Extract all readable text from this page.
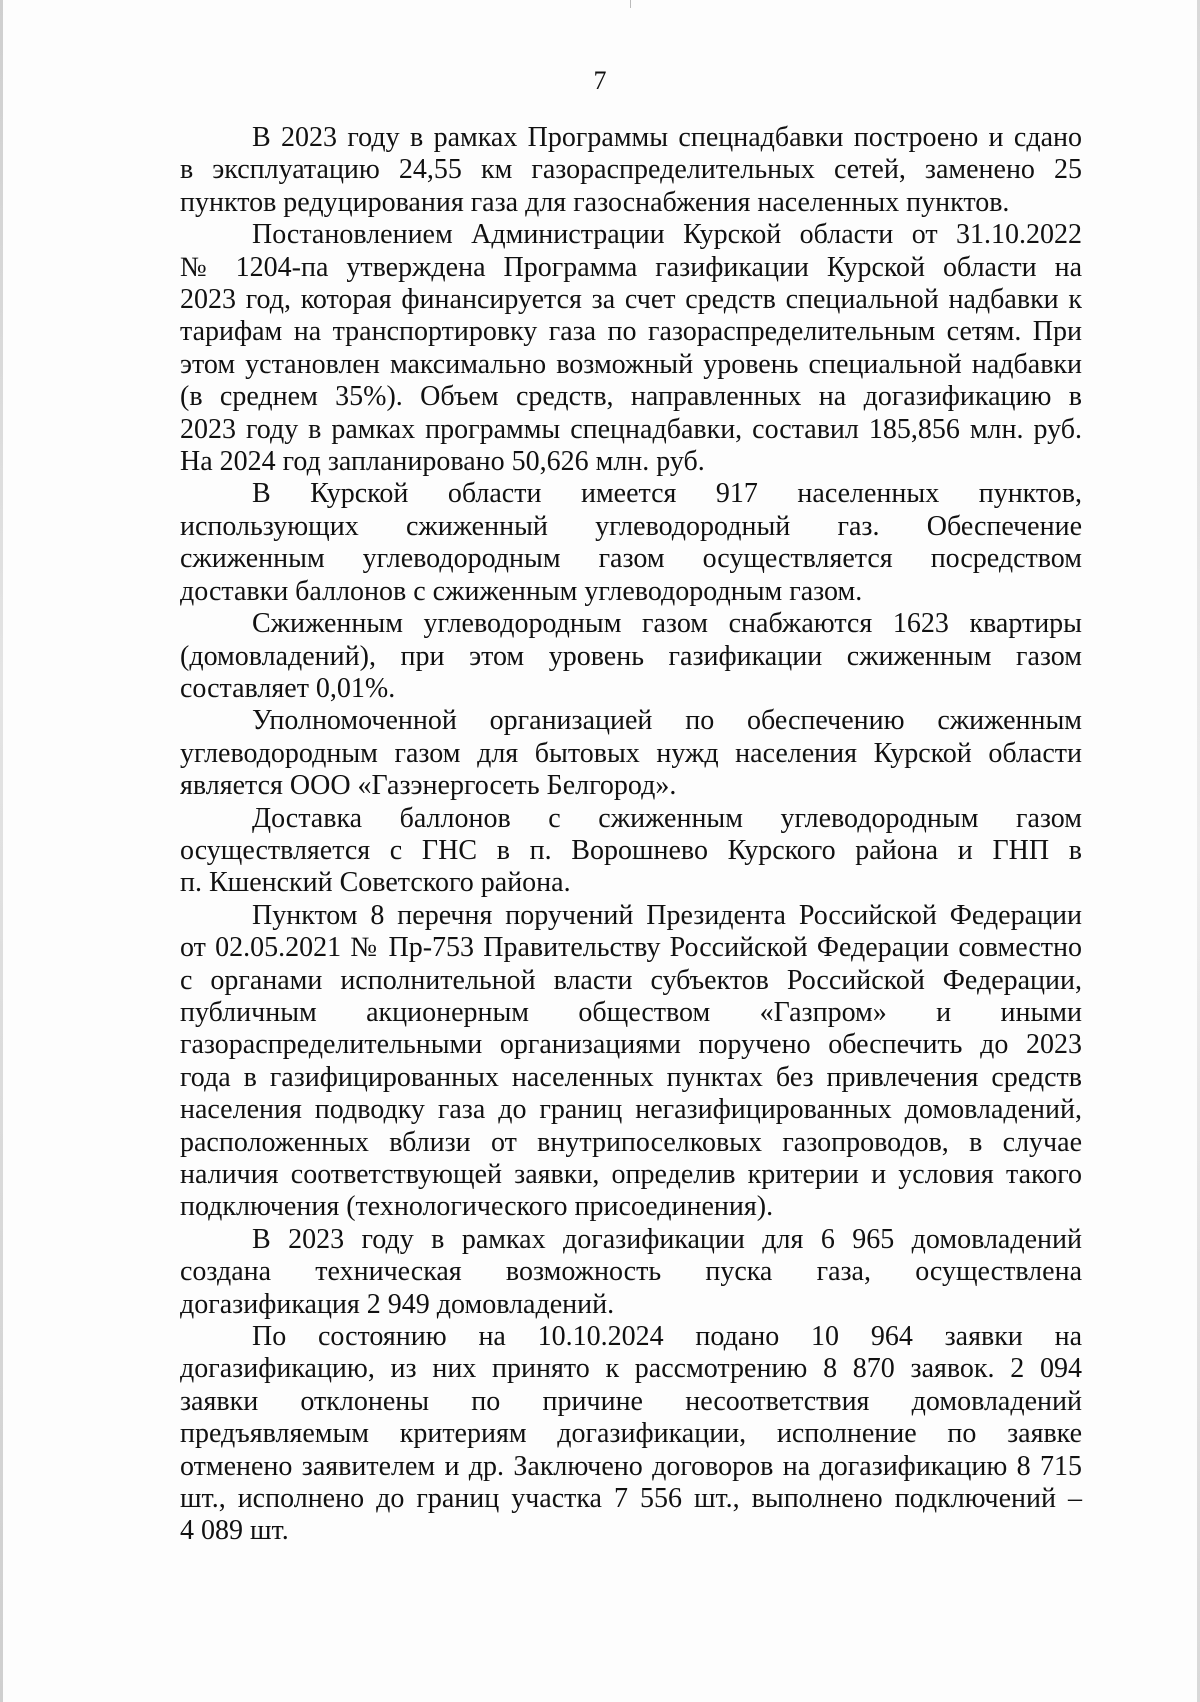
7
В 2023 году в рамках Программы спецнадбавки построено и сдано
в эксплуатацию 24,55 км газораспределительных сетей, заменено 25
пунктов редуцирования газа для газоснабжения населенных пунктов.
Постановлением Администрации Курской области от 31.10.2022
№ 1204-па утверждена Программа газификации Курской области на
2023 год, которая финансируется за счет средств специальной надбавки к
тарифам на транспортировку газа по газораспределительным сетям. При
этом установлен максимально возможный уровень специальной надбавки
(в среднем 35%). Объем средств, направленных на догазификацию в
2023 году в рамках программы спецнадбавки, составил 185,856 млн. руб.
На 2024 год запланировано 50,626 млн. руб.
В Курской области имеется 917 населенных пунктов,
использующих сжиженный углеводородный газ. Обеспечение
сжиженным углеводородным газом осуществляется посредством
доставки баллонов с сжиженным углеводородным газом.
Сжиженным углеводородным газом снабжаются 1623 квартиры
(домовладений), при этом уровень газификации сжиженным газом
составляет 0,01%.
Уполномоченной организацией по обеспечению сжиженным
углеводородным газом для бытовых нужд населения Курской области
является ООО «Газэнергосеть Белгород».
Доставка баллонов с сжиженным углеводородным газом
осуществляется с ГНС в п. Ворошнево Курского района и ГНП в
п. Кшенский Советского района.
Пунктом 8 перечня поручений Президента Российской Федерации
от 02.05.2021 № Пр-753 Правительству Российской Федерации совместно
с органами исполнительной власти субъектов Российской Федерации,
публичным акционерным обществом «Газпром» и иными
газораспределительными организациями поручено обеспечить до 2023
года в газифицированных населенных пунктах без привлечения средств
населения подводку газа до границ негазифицированных домовладений,
расположенных вблизи от внутрипоселковых газопроводов, в случае
наличия соответствующей заявки, определив критерии и условия такого
подключения (технологического присоединения).
В 2023 году в рамках догазификации для 6 965 домовладений
создана техническая возможность пуска газа, осуществлена
догазификация 2 949 домовладений.
По состоянию на 10.10.2024 подано 10 964 заявки на
догазификацию, из них принято к рассмотрению 8 870 заявок. 2 094
заявки отклонены по причине несоответствия домовладений
предъявляемым критериям догазификации, исполнение по заявке
отменено заявителем и др. Заключено договоров на догазификацию 8 715
шт., исполнено до границ участка 7 556 шт., выполнено подключений –
4 089 шт.
